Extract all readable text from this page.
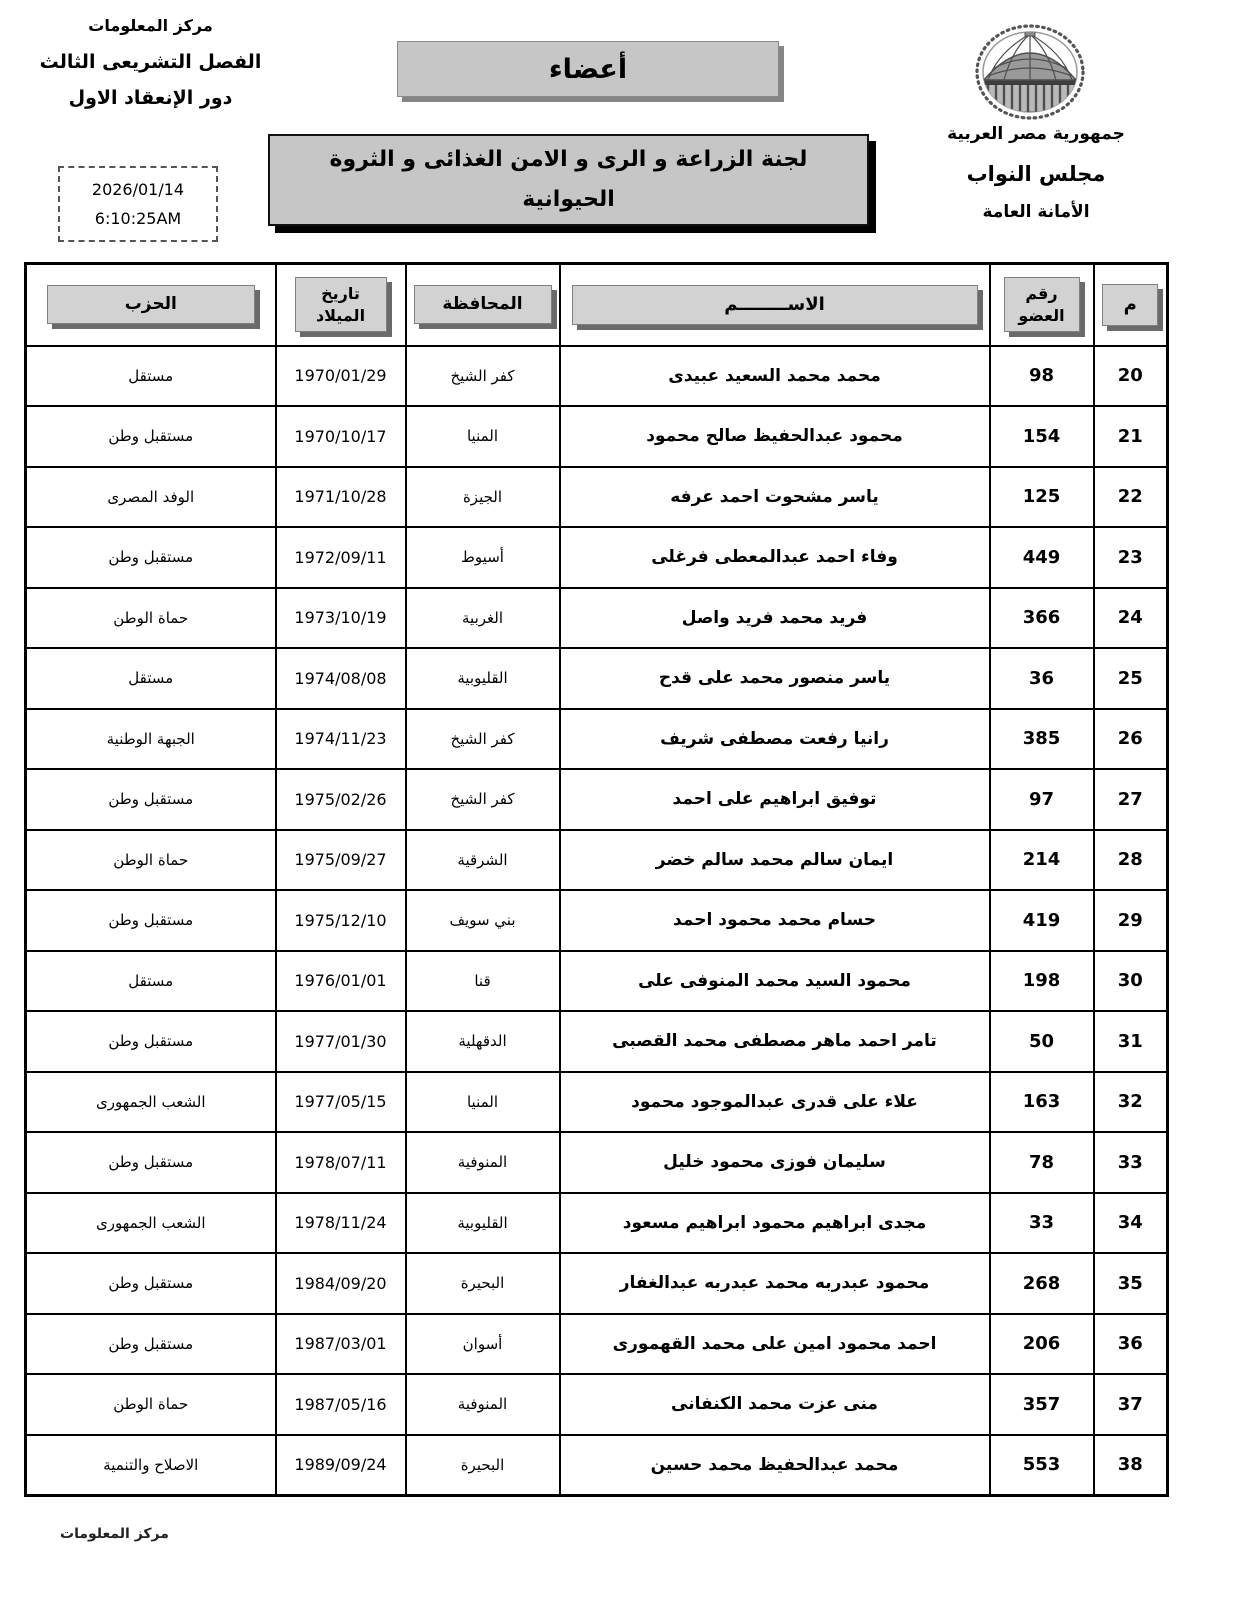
مركز المعلومات
الفصل التشريعى الثالث
دور الإنعقاد الاول
2026/01/14
6:10:25AM
أعضاء
لجنة الزراعة و الرى و الامن الغذائى و الثروة الحيوانية
جمهورية مصر العربية
مجلس النواب
الأمانة العامة
م	رقم العضو	الاســــــــم	المحافظة	تاريخ الميلاد	الحزب
20	98	محمد محمد السعيد عبيدى	كفر الشيخ	1970/01/29	مستقل
21	154	محمود عبدالحفيظ صالح محمود	المنيا	1970/10/17	مستقبل وطن
22	125	ياسر مشحوت احمد عرفه	الجيزة	1971/10/28	الوفد المصرى
23	449	وفاء احمد عبدالمعطى فرغلى	أسيوط	1972/09/11	مستقبل وطن
24	366	فريد محمد فريد واصل	الغربية	1973/10/19	حماة الوطن
25	36	ياسر منصور محمد على قدح	القليوبية	1974/08/08	مستقل
26	385	رانيا رفعت مصطفى شريف	كفر الشيخ	1974/11/23	الجبهة الوطنية
27	97	توفيق ابراهيم على احمد	كفر الشيخ	1975/02/26	مستقبل وطن
28	214	ايمان سالم محمد سالم خضر	الشرقية	1975/09/27	حماة الوطن
29	419	حسام محمد محمود احمد	بني سويف	1975/12/10	مستقبل وطن
30	198	محمود السيد محمد المنوفى على	قنا	1976/01/01	مستقل
31	50	تامر احمد ماهر مصطفى محمد القصبى	الدقهلية	1977/01/30	مستقبل وطن
32	163	علاء على قدرى عبدالموجود محمود	المنيا	1977/05/15	الشعب الجمهورى
33	78	سليمان فوزى محمود خليل	المنوفية	1978/07/11	مستقبل وطن
34	33	مجدى ابراهيم محمود ابراهيم مسعود	القليوبية	1978/11/24	الشعب الجمهورى
35	268	محمود عبدربه محمد عبدربه عبدالغفار	البحيرة	1984/09/20	مستقبل وطن
36	206	احمد محمود امين على محمد القهمورى	أسوان	1987/03/01	مستقبل وطن
37	357	منى عزت محمد الكنفانى	المنوفية	1987/05/16	حماة الوطن
38	553	محمد عبدالحفيظ محمد حسين	البحيرة	1989/09/24	الاصلاح والتنمية
مركز المعلومات
